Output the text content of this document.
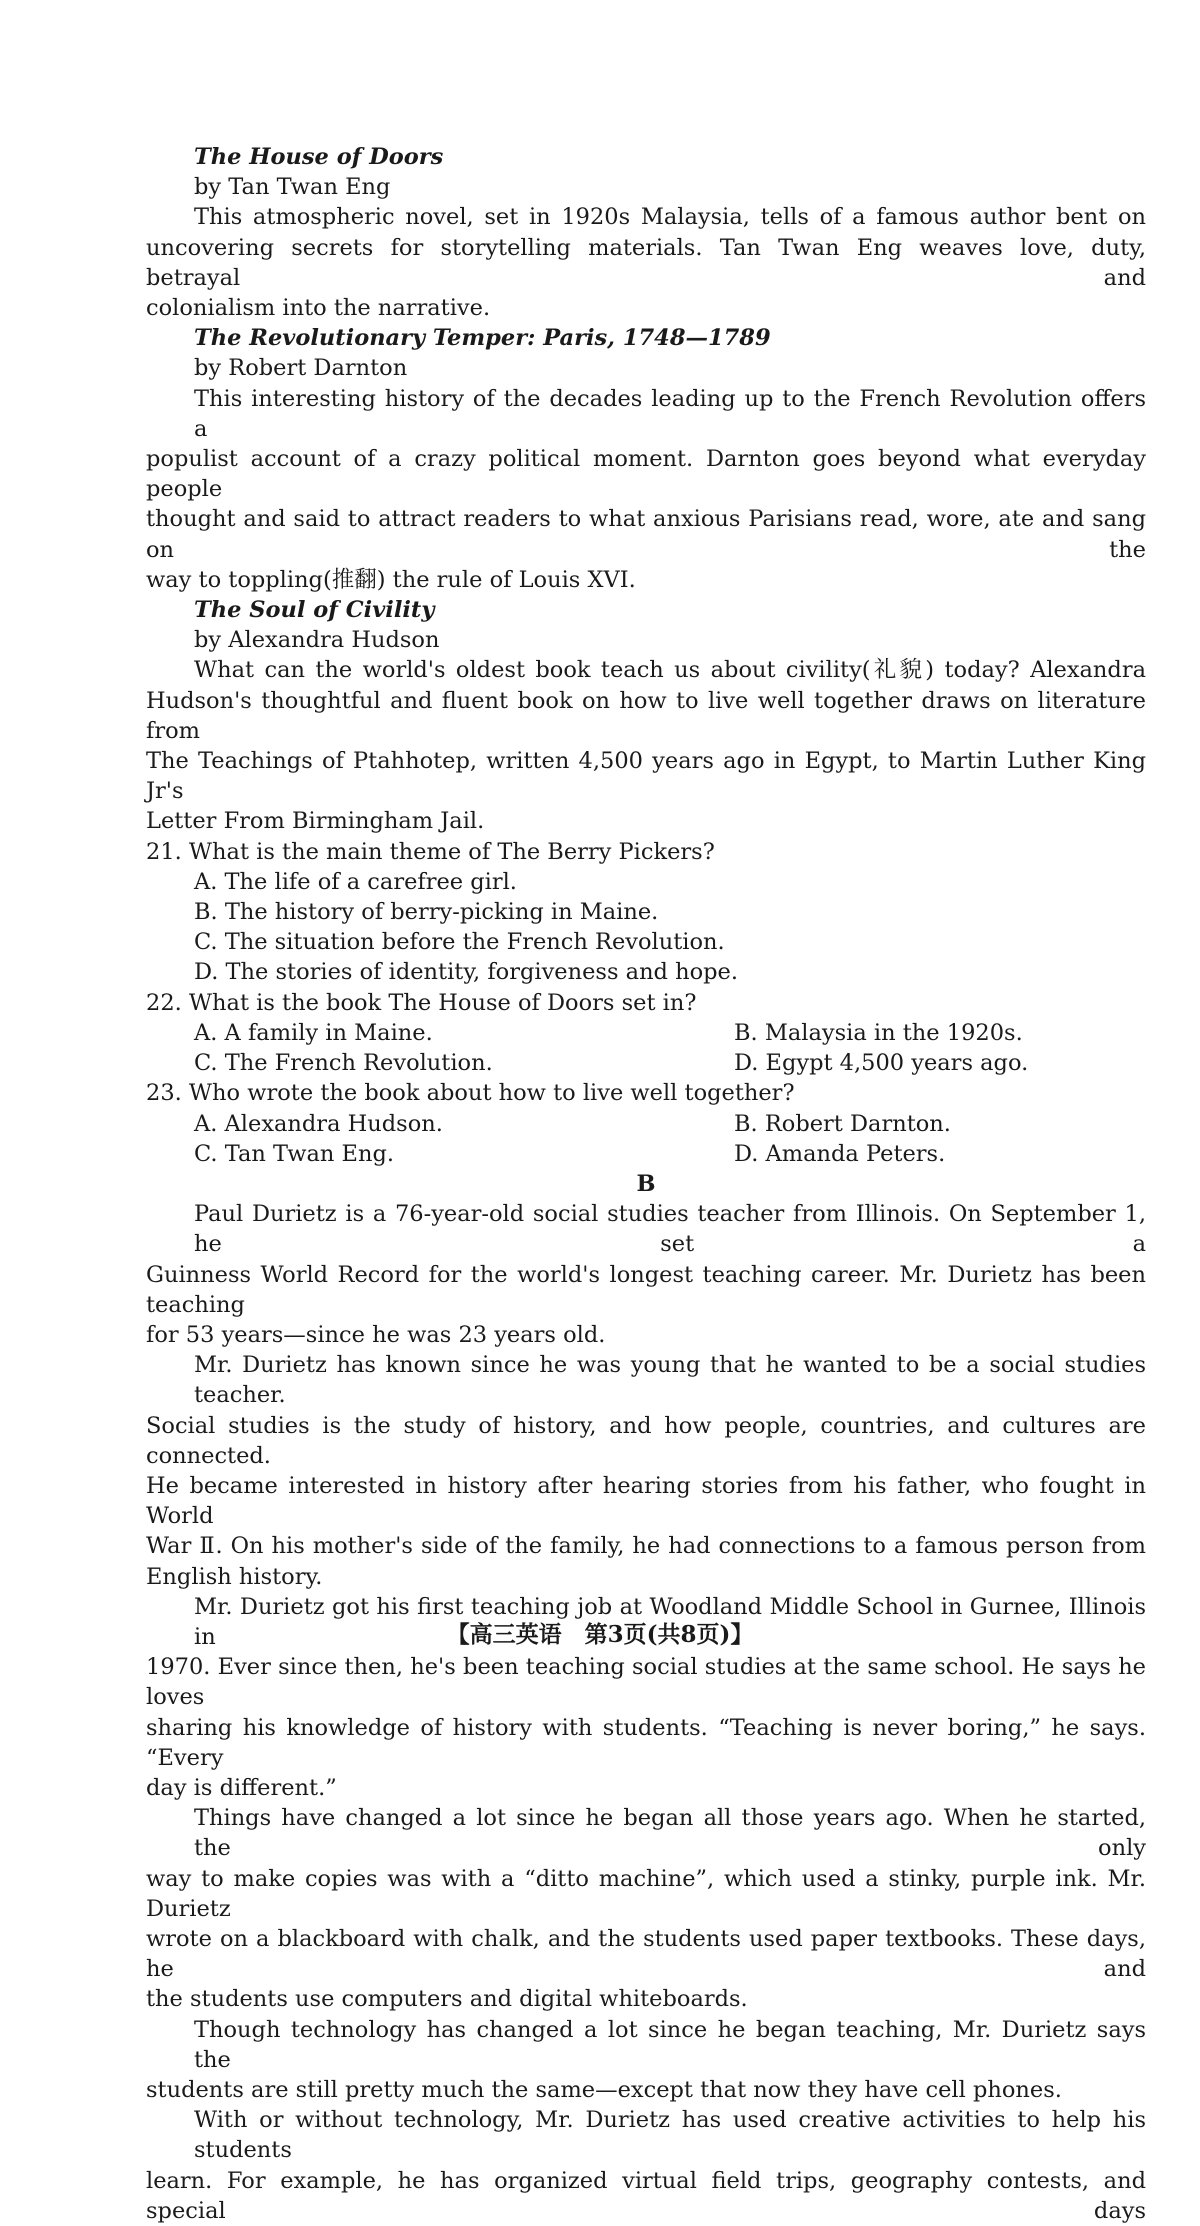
The House of Doors
by Tan Twan Eng
This atmospheric novel, set in 1920s Malaysia, tells of a famous author bent on
uncovering secrets for storytelling materials. Tan Twan Eng weaves love, duty, betrayal and
colonialism into the narrative.
The Revolutionary Temper: Paris, 1748—1789
by Robert Darnton
This interesting history of the decades leading up to the French Revolution offers a
populist account of a crazy political moment. Darnton goes beyond what everyday people
thought and said to attract readers to what anxious Parisians read, wore, ate and sang on the
way to toppling(推翻) the rule of Louis XVI.
The Soul of Civility
by Alexandra Hudson
What can the world's oldest book teach us about civility(礼貌) today? Alexandra
Hudson's thoughtful and fluent book on how to live well together draws on literature from
The Teachings of Ptahhotep, written 4,500 years ago in Egypt, to Martin Luther King Jr's
Letter From Birmingham Jail.
21. What is the main theme of The Berry Pickers?
A. The life of a carefree girl.
B. The history of berry-picking in Maine.
C. The situation before the French Revolution.
D. The stories of identity, forgiveness and hope.
22. What is the book The House of Doors set in?
A. A family in Maine.	B. Malaysia in the 1920s.
C. The French Revolution.	D. Egypt 4,500 years ago.
23. Who wrote the book about how to live well together?
A. Alexandra Hudson.	B. Robert Darnton.
C. Tan Twan Eng.	D. Amanda Peters.
B
Paul Durietz is a 76-year-old social studies teacher from Illinois. On September 1, he set a
Guinness World Record for the world's longest teaching career. Mr. Durietz has been teaching
for 53 years—since he was 23 years old.
Mr. Durietz has known since he was young that he wanted to be a social studies teacher.
Social studies is the study of history, and how people, countries, and cultures are connected.
He became interested in history after hearing stories from his father, who fought in World
War Ⅱ. On his mother's side of the family, he had connections to a famous person from
English history.
Mr. Durietz got his first teaching job at Woodland Middle School in Gurnee, Illinois in
1970. Ever since then, he's been teaching social studies at the same school. He says he loves
sharing his knowledge of history with students. “Teaching is never boring,” he says. “Every
day is different.”
Things have changed a lot since he began all those years ago. When he started, the only
way to make copies was with a “ditto machine”, which used a stinky, purple ink. Mr. Durietz
wrote on a blackboard with chalk, and the students used paper textbooks. These days, he and
the students use computers and digital whiteboards.
Though technology has changed a lot since he began teaching, Mr. Durietz says the
students are still pretty much the same—except that now they have cell phones.
With or without technology, Mr. Durietz has used creative activities to help his students
learn. For example, he has organized virtual field trips, geography contests, and special days
【高三英语　第3页(共8页)】
